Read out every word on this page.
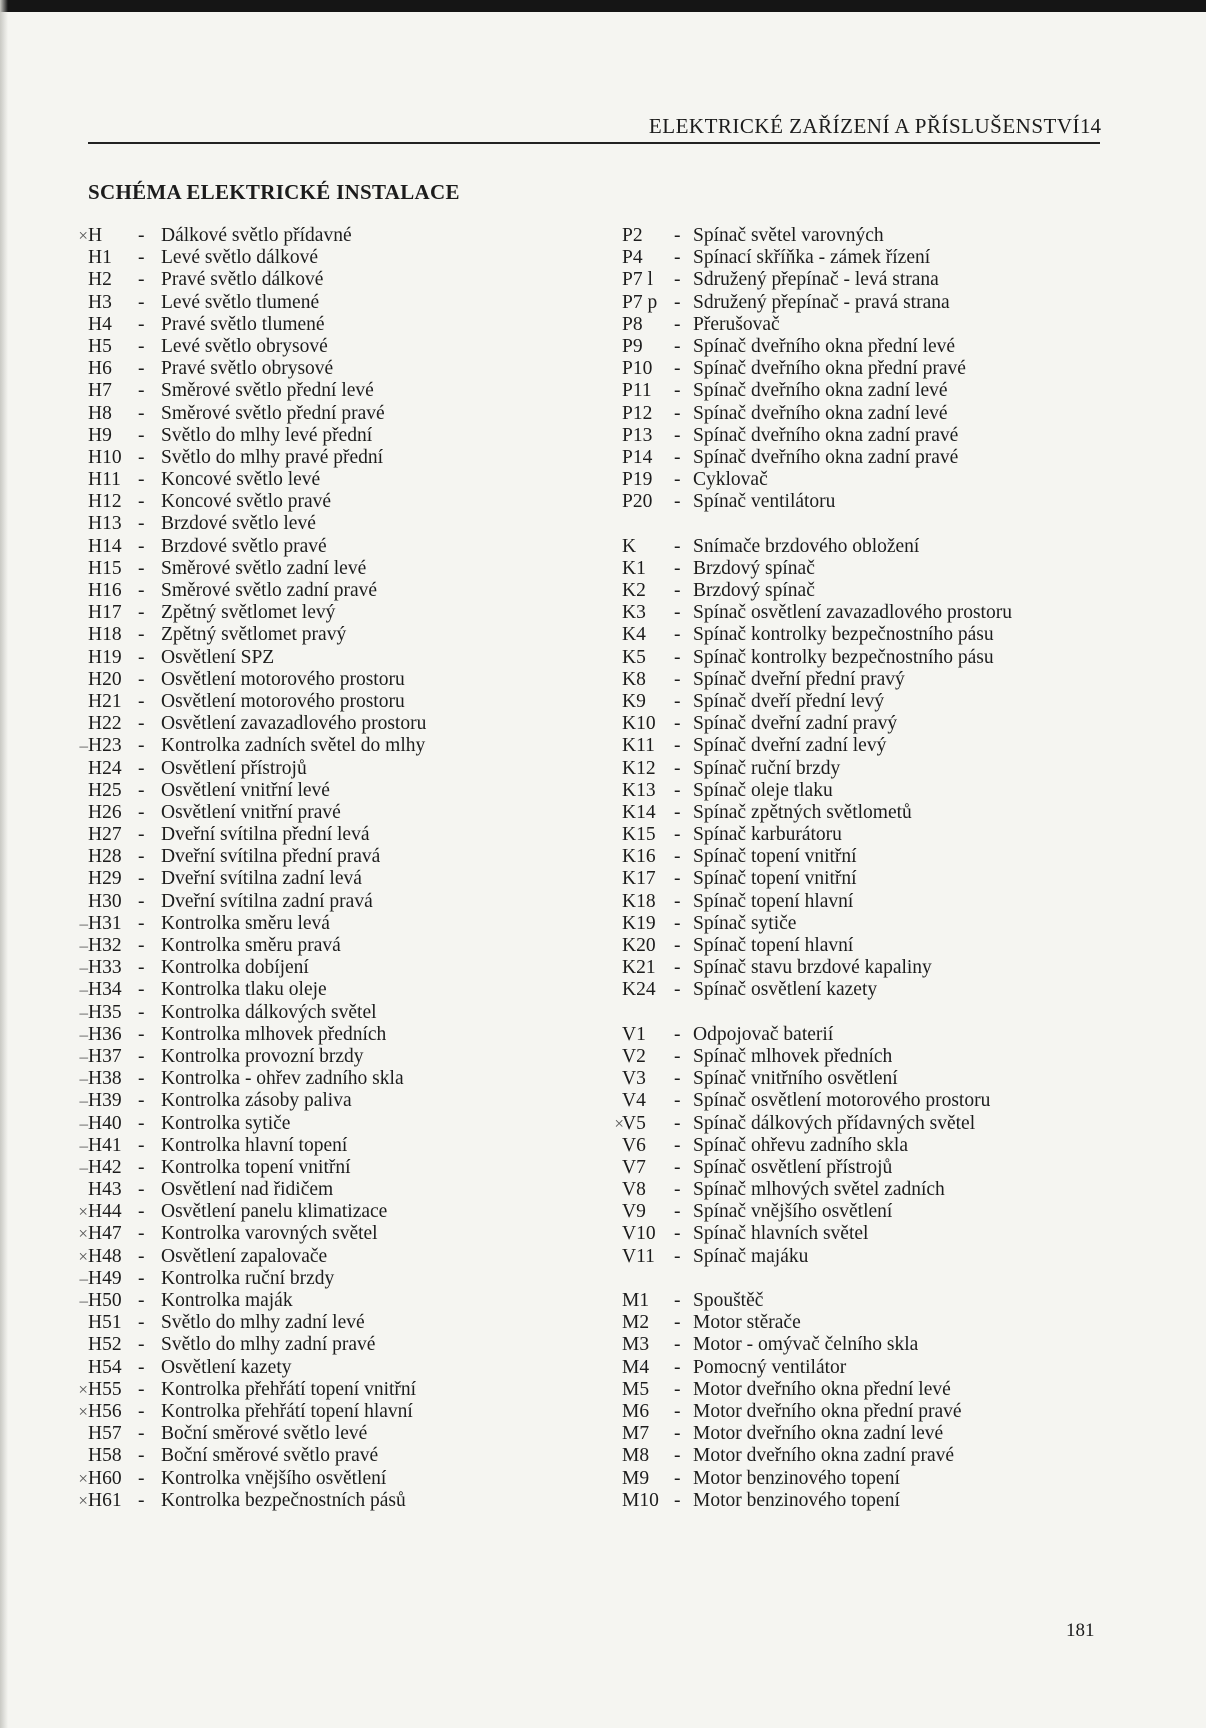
ELEKTRICKÉ ZAŘÍZENÍ A PŘÍSLUŠENSTVÍ 14
SCHÉMA ELEKTRICKÉ INSTALACE
× H - Dálkové světlo přídavné
H1 - Levé světlo dálkové
H2 - Pravé světlo dálkové
H3 - Levé světlo tlumené
H4 - Pravé světlo tlumené
H5 - Levé světlo obrysové
H6 - Pravé světlo obrysové
H7 - Směrové světlo přední levé
H8 - Směrové světlo přední pravé
H9 - Světlo do mlhy levé přední
H10 - Světlo do mlhy pravé přední
H11 - Koncové světlo levé
H12 - Koncové světlo pravé
H13 - Brzdové světlo levé
H14 - Brzdové světlo pravé
H15 - Směrové světlo zadní levé
H16 - Směrové světlo zadní pravé
H17 - Zpětný světlomet levý
H18 - Zpětný světlomet pravý
H19 - Osvětlení SPZ
H20 - Osvětlení motorového prostoru
H21 - Osvětlení motorového prostoru
H22 - Osvětlení zavazadlového prostoru
– H23 - Kontrolka zadních světel do mlhy
H24 - Osvětlení přístrojů
H25 - Osvětlení vnitřní levé
H26 - Osvětlení vnitřní pravé
H27 - Dveřní svítilna přední levá
H28 - Dveřní svítilna přední pravá
H29 - Dveřní svítilna zadní levá
H30 - Dveřní svítilna zadní pravá
– H31 - Kontrolka směru levá
– H32 - Kontrolka směru pravá
– H33 - Kontrolka dobíjení
– H34 - Kontrolka tlaku oleje
– H35 - Kontrolka dálkových světel
– H36 - Kontrolka mlhovek předních
– H37 - Kontrolka provozní brzdy
– H38 - Kontrolka - ohřev zadního skla
– H39 - Kontrolka zásoby paliva
– H40 - Kontrolka sytiče
– H41 - Kontrolka hlavní topení
– H42 - Kontrolka topení vnitřní
H43 - Osvětlení nad řidičem
× H44 - Osvětlení panelu klimatizace
× H47 - Kontrolka varovných světel
× H48 - Osvětlení zapalovače
– H49 - Kontrolka ruční brzdy
– H50 - Kontrolka maják
H51 - Světlo do mlhy zadní levé
H52 - Světlo do mlhy zadní pravé
H54 - Osvětlení kazety
× H55 - Kontrolka přehřátí topení vnitřní
× H56 - Kontrolka přehřátí topení hlavní
H57 - Boční směrové světlo levé
H58 - Boční směrové světlo pravé
× H60 - Kontrolka vnějšího osvětlení
× H61 - Kontrolka bezpečnostních pásů
P2 - Spínač světel varovných
P4 - Spínací skříňka - zámek řízení
P7 l - Sdružený přepínač - levá strana
P7 p - Sdružený přepínač - pravá strana
P8 - Přerušovač
P9 - Spínač dveřního okna přední levé
P10 - Spínač dveřního okna přední pravé
P11 - Spínač dveřního okna zadní levé
P12 - Spínač dveřního okna zadní levé
P13 - Spínač dveřního okna zadní pravé
P14 - Spínač dveřního okna zadní pravé
P19 - Cyklovač
P20 - Spínač ventilátoru
K - Snímače brzdového obložení
K1 - Brzdový spínač
K2 - Brzdový spínač
K3 - Spínač osvětlení zavazadlového prostoru
K4 - Spínač kontrolky bezpečnostního pásu
K5 - Spínač kontrolky bezpečnostního pásu
K8 - Spínač dveřní přední pravý
K9 - Spínač dveří přední levý
K10 - Spínač dveřní zadní pravý
K11 - Spínač dveřní zadní levý
K12 - Spínač ruční brzdy
K13 - Spínač oleje tlaku
K14 - Spínač zpětných světlometů
K15 - Spínač karburátoru
K16 - Spínač topení vnitřní
K17 - Spínač topení vnitřní
K18 - Spínač topení hlavní
K19 - Spínač sytiče
K20 - Spínač topení hlavní
K21 - Spínač stavu brzdové kapaliny
K24 - Spínač osvětlení kazety
V1 - Odpojovač baterií
V2 - Spínač mlhovek předních
V3 - Spínač vnitřního osvětlení
V4 - Spínač osvětlení motorového prostoru
×
V5 - Spínač dálkových přídavných světel
V6 - Spínač ohřevu zadního skla
V7 - Spínač osvětlení přístrojů
V8 - Spínač mlhových světel zadních
V9 - Spínač vnějšího osvětlení
V10 - Spínač hlavních světel
V11 - Spínač majáku
M1 - Spouštěč
M2 - Motor stěrače
M3 - Motor - omývač čelního skla
M4 - Pomocný ventilátor
M5 - Motor dveřního okna přední levé
M6 - Motor dveřního okna přední pravé
M7 - Motor dveřního okna zadní levé
M8 - Motor dveřního okna zadní pravé
M9 - Motor benzinového topení
M10 - Motor benzinového topení
181
